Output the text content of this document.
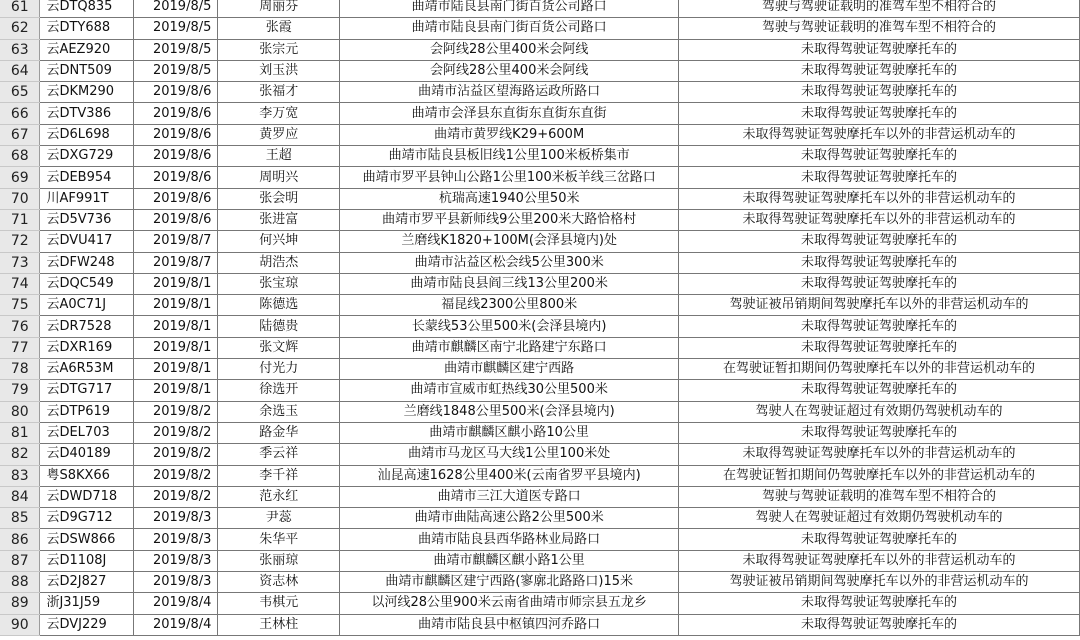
61	云DTQ835	2019/8/5	周丽芬	曲靖市陆良县南门街百货公司路口	驾驶与驾驶证载明的准驾车型不相符合的
62	云DTY688	2019/8/5	张霞	曲靖市陆良县南门街百货公司路口	驾驶与驾驶证载明的准驾车型不相符合的
63	云AEZ920	2019/8/5	张宗元	会阿线28公里400米会阿线	未取得驾驶证驾驶摩托车的
64	云DNT509	2019/8/5	刘玉洪	会阿线28公里400米会阿线	未取得驾驶证驾驶摩托车的
65	云DKM290	2019/8/6	张福才	曲靖市沾益区望海路运政所路口	未取得驾驶证驾驶摩托车的
66	云DTV386	2019/8/6	李万宽	曲靖市会泽县东直街东直街东直街	未取得驾驶证驾驶摩托车的
67	云D6L698	2019/8/6	黄罗应	曲靖市黄罗线K29+600M	未取得驾驶证驾驶摩托车以外的非营运机动车的
68	云DXG729	2019/8/6	王超	曲靖市陆良县板旧线1公里100米板桥集市	未取得驾驶证驾驶摩托车的
69	云DEB954	2019/8/6	周明兴	曲靖市罗平县钟山公路1公里100米板羊线三岔路口	未取得驾驶证驾驶摩托车的
70	川AF991T	2019/8/6	张会明	杭瑞高速1940公里50米	未取得驾驶证驾驶摩托车以外的非营运机动车的
71	云D5V736	2019/8/6	张进富	曲靖市罗平县新师线9公里200米大路恰格村	未取得驾驶证驾驶摩托车以外的非营运机动车的
72	云DVU417	2019/8/7	何兴坤	兰磨线K1820+100M(会泽县境内)处	未取得驾驶证驾驶摩托车的
73	云DFW248	2019/8/7	胡浩杰	曲靖市沾益区松会线5公里300米	未取得驾驶证驾驶摩托车的
74	云DQC549	2019/8/1	张宝琼	曲靖市陆良县阎三线13公里200米	未取得驾驶证驾驶摩托车的
75	云A0C71J	2019/8/1	陈德选	福昆线2300公里800米	驾驶证被吊销期间驾驶摩托车以外的非营运机动车的
76	云DR7528	2019/8/1	陆德贵	长蒙线53公里500米(会泽县境内)	未取得驾驶证驾驶摩托车的
77	云DXR169	2019/8/1	张文辉	曲靖市麒麟区南宁北路建宁东路口	未取得驾驶证驾驶摩托车的
78	云A6R53M	2019/8/1	付光力	曲靖市麒麟区建宁西路	在驾驶证暂扣期间仍驾驶摩托车以外的非营运机动车的
79	云DTG717	2019/8/1	徐选开	曲靖市宣威市虹热线30公里500米	未取得驾驶证驾驶摩托车的
80	云DTP619	2019/8/2	余选玉	兰磨线1848公里500米(会泽县境内)	驾驶人在驾驶证超过有效期仍驾驶机动车的
81	云DEL703	2019/8/2	路金华	曲靖市麒麟区麒小路10公里	未取得驾驶证驾驶摩托车的
82	云D40189	2019/8/2	季云祥	曲靖市马龙区马大线1公里100米处	未取得驾驶证驾驶摩托车以外的非营运机动车的
83	粤S8KX66	2019/8/2	李千祥	汕昆高速1628公里400米(云南省罗平县境内)	在驾驶证暂扣期间仍驾驶摩托车以外的非营运机动车的
84	云DWD718	2019/8/2	范永红	曲靖市三江大道医专路口	驾驶与驾驶证载明的准驾车型不相符合的
85	云D9G712	2019/8/3	尹蕊	曲靖市曲陆高速公路2公里500米	驾驶人在驾驶证超过有效期仍驾驶机动车的
86	云DSW866	2019/8/3	朱华平	曲靖市陆良县西华路林业局路口	未取得驾驶证驾驶摩托车的
87	云D1108J	2019/8/3	张丽琼	曲靖市麒麟区麒小路1公里	未取得驾驶证驾驶摩托车以外的非营运机动车的
88	云D2J827	2019/8/3	资志林	曲靖市麒麟区建宁西路(寥廓北路路口)15米	驾驶证被吊销期间驾驶摩托车以外的非营运机动车的
89	浙J31J59	2019/8/4	韦棋元	以河线28公里900米云南省曲靖市师宗县五龙乡	未取得驾驶证驾驶摩托车的
90	云DVJ229	2019/8/4	王林柱	曲靖市陆良县中枢镇四河乔路口	未取得驾驶证驾驶摩托车的
